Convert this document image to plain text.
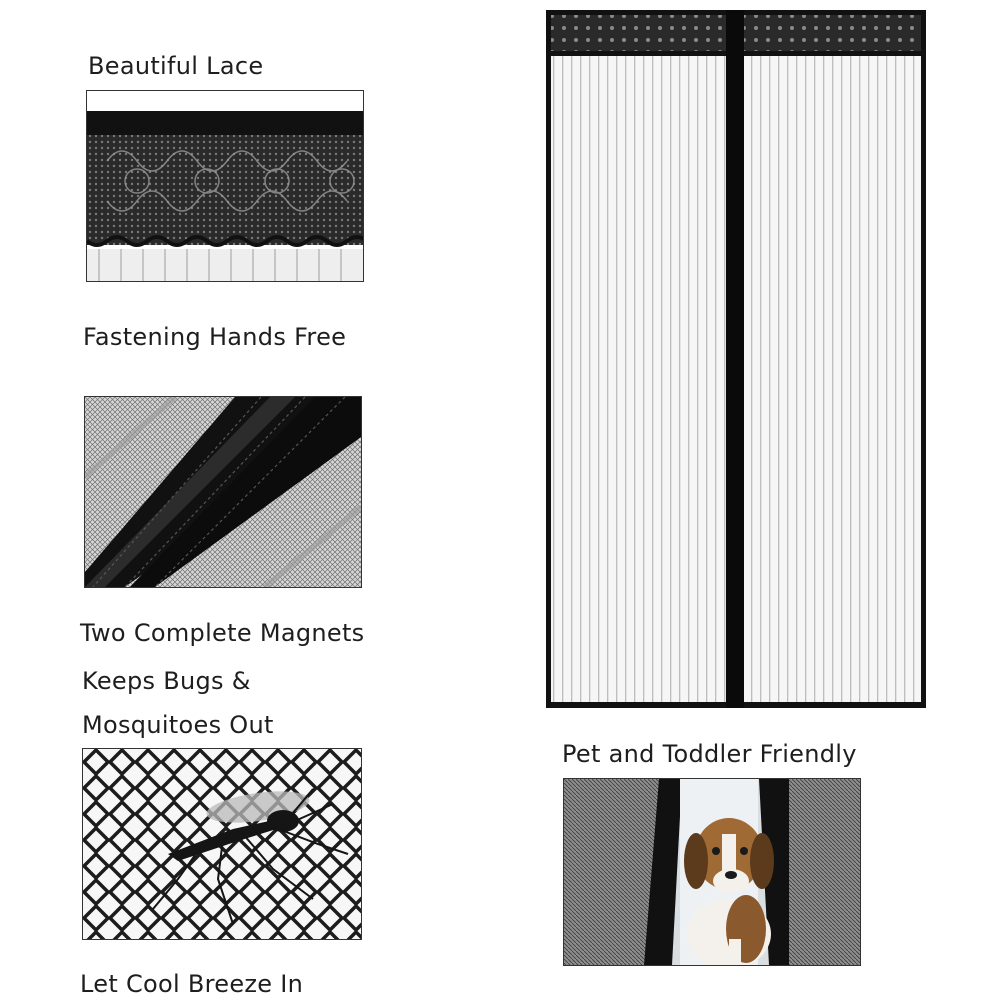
Beautiful Lace
Fastening Hands Free
Two Complete Magnets
Keeps Bugs &
Mosquitoes Out
Let Cool Breeze In
Pet and Toddler Friendly
